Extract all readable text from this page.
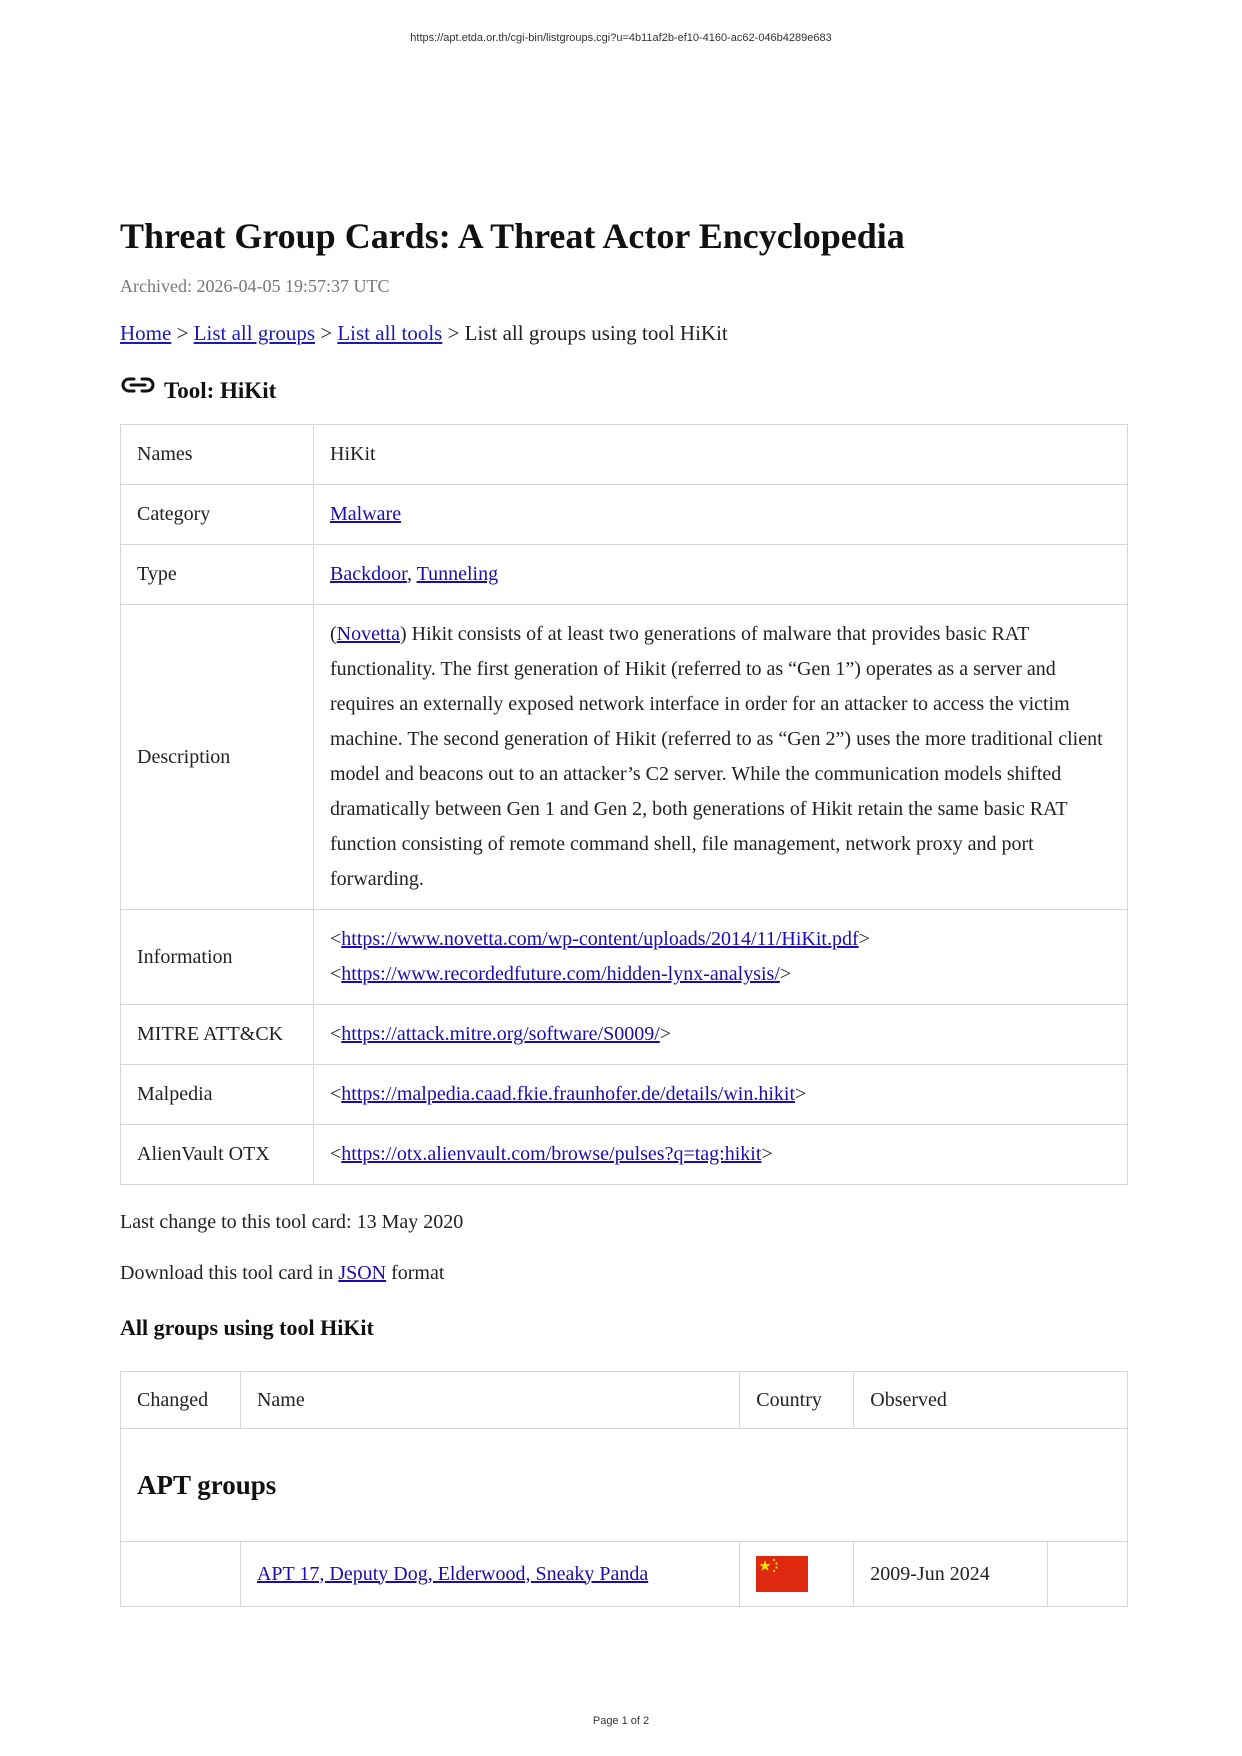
https://apt.etda.or.th/cgi-bin/listgroups.cgi?u=4b11af2b-ef10-4160-ac62-046b4289e683
Threat Group Cards: A Threat Actor Encyclopedia
Archived: 2026-04-05 19:57:37 UTC
Home > List all groups > List all tools > List all groups using tool HiKit
Tool: HiKit
Names	HiKit
Category	Malware
Type	Backdoor, Tunneling
Description	(Novetta) Hikit consists of at least two generations of malware that provides basic RAT functionality. The first generation of Hikit (referred to as “Gen 1”) operates as a server and requires an externally exposed network interface in order for an attacker to access the victim machine. The second generation of Hikit (referred to as “Gen 2”) uses the more traditional client model and beacons out to an attacker’s C2 server. While the communication models shifted dramatically between Gen 1 and Gen 2, both generations of Hikit retain the same basic RAT function consisting of remote command shell, file management, network proxy and port forwarding.
Information	<https://www.novetta.com/wp-content/uploads/2014/11/HiKit.pdf>
<https://www.recordedfuture.com/hidden-lynx-analysis/>

MITRE ATT&CK	<https://attack.mitre.org/software/S0009/>
Malpedia	<https://malpedia.caad.fkie.fraunhofer.de/details/win.hikit>
AlienVault OTX	<https://otx.alienvault.com/browse/pulses?q=tag:hikit>
Last change to this tool card: 13 May 2020
Download this tool card in JSON format
All groups using tool HiKit
Changed	Name	Country	Observed	
APT groups				
	APT 17, Deputy Dog, Elderwood, Sneaky Panda		2009-Jun 2024	
Page 1 of 2
